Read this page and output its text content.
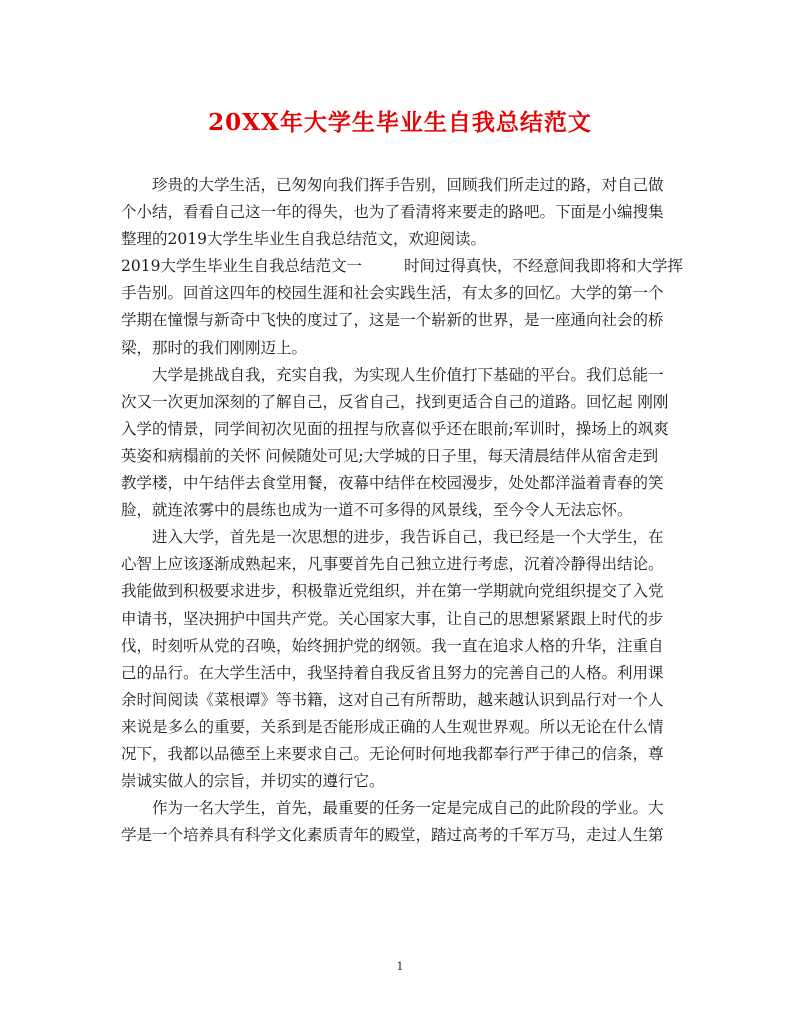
20XX年大学生毕业生自我总结范文
珍贵的大学生活，已匆匆向我们挥手告别，回顾我们所走过的路，对自己做
个小结，看看自己这一年的得失，也为了看清将来要走的路吧。下面是小编搜集
整理的2019大学生毕业生自我总结范文，欢迎阅读。
2019大学生毕业生自我总结范文一	时间过得真快，不经意间我即将和大学挥
手告别。回首这四年的校园生涯和社会实践生活，有太多的回忆。大学的第一个
学期在憧憬与新奇中飞快的度过了，这是一个崭新的世界，是一座通向社会的桥
梁，那时的我们刚刚迈上。
大学是挑战自我，充实自我，为实现人生价值打下基础的平台。我们总能一
次又一次更加深刻的了解自己，反省自己，找到更适合自己的道路。回忆起 刚刚
入学的情景，同学间初次见面的扭捏与欣喜似乎还在眼前;军训时，操场上的飒爽
英姿和病榻前的关怀 问候随处可见;大学城的日子里，每天清晨结伴从宿舍走到
教学楼，中午结伴去食堂用餐，夜幕中结伴在校园漫步，处处都洋溢着青春的笑
脸，就连浓雾中的晨练也成为一道不可多得的风景线，至今令人无法忘怀。
进入大学，首先是一次思想的进步，我告诉自己，我已经是一个大学生，在
心智上应该逐渐成熟起来，凡事要首先自己独立进行考虑，沉着冷静得出结论。
我能做到积极要求进步，积极靠近党组织，并在第一学期就向党组织提交了入党
申请书，坚决拥护中国共产党。关心国家大事，让自己的思想紧紧跟上时代的步
伐，时刻听从党的召唤，始终拥护党的纲领。我一直在追求人格的升华，注重自
己的品行。在大学生活中，我坚持着自我反省且努力的完善自己的人格。利用课
余时间阅读《菜根谭》等书籍，这对自己有所帮助，越来越认识到品行对一个人
来说是多么的重要，关系到是否能形成正确的人生观世界观。所以无论在什么情
况下，我都以品德至上来要求自己。无论何时何地我都奉行严于律己的信条，尊
崇诚实做人的宗旨，并切实的遵行它。
作为一名大学生，首先，最重要的任务一定是完成自己的此阶段的学业。大
学是一个培养具有科学文化素质青年的殿堂，踏过高考的千军万马，走过人生第
1
